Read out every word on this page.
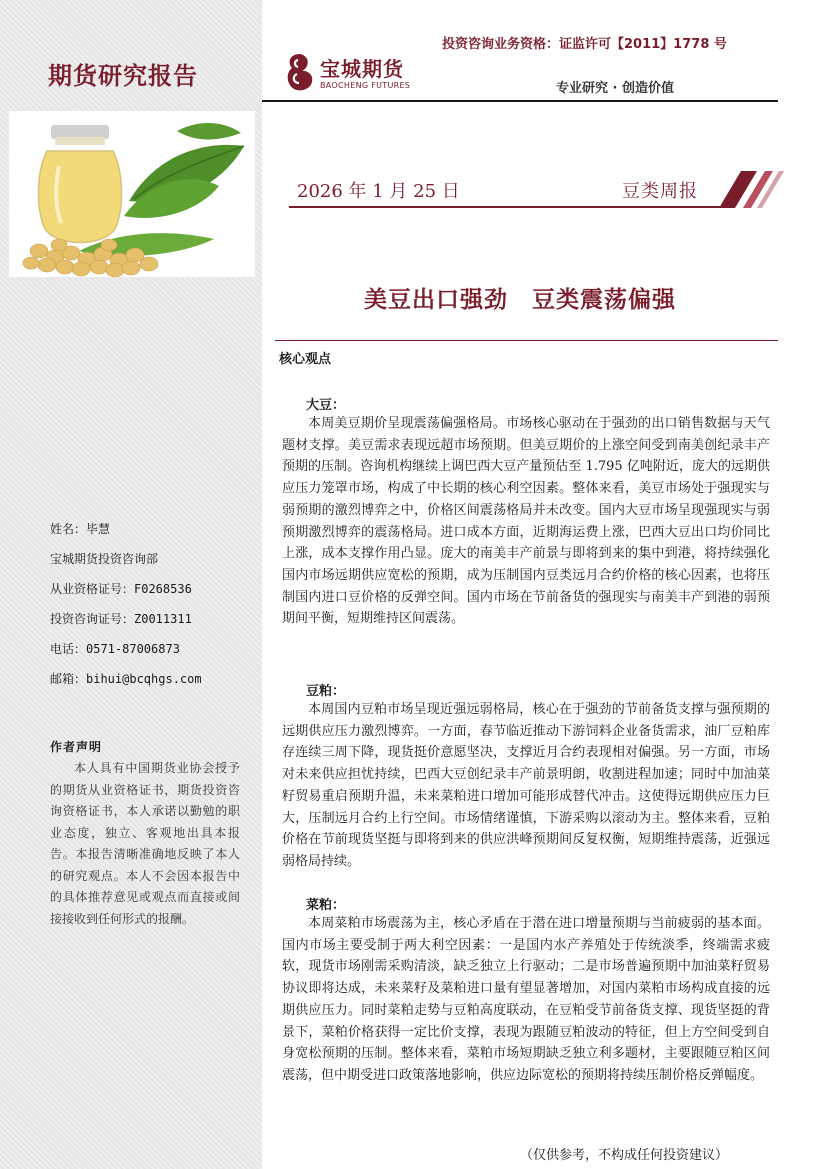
期货研究报告
投资咨询业务资格：证监许可【2011】1778 号
宝城期货
BAOCHENG FUTURES	专业研究 · 创造价值
2026 年 1 月 25 日	豆类周报
美豆出口强劲　豆类震荡偏强
核心观点
大豆：
本周美豆期价呈现震荡偏强格局。市场核心驱动在于强劲的出口销售数据与天气题材支撑。美豆需求表现远超市场预期。但美豆期价的上涨空间受到南美创纪录丰产预期的压制。咨询机构继续上调巴西大豆产量预估至 1.795 亿吨附近，庞大的远期供应压力笼罩市场，构成了中长期的核心利空因素。整体来看，美豆市场处于强现实与弱预期的激烈博弈之中，价格区间震荡格局并未改变。国内大豆市场呈现强现实与弱预期激烈博弈的震荡格局。进口成本方面，近期海运费上涨，巴西大豆出口均价同比上涨，成本支撑作用凸显。庞大的南美丰产前景与即将到来的集中到港，将持续强化国内市场远期供应宽松的预期，成为压制国内豆类远月合约价格的核心因素，也将压制国内进口豆价格的反弹空间。国内市场在节前备货的强现实与南美丰产到港的弱预期间平衡，短期维持区间震荡。
豆粕：
本周国内豆粕市场呈现近强远弱格局，核心在于强劲的节前备货支撑与强预期的远期供应压力激烈博弈。一方面，春节临近推动下游饲料企业备货需求，油厂豆粕库存连续三周下降，现货挺价意愿坚决，支撑近月合约表现相对偏强。另一方面，市场对未来供应担忧持续，巴西大豆创纪录丰产前景明朗，收割进程加速；同时中加油菜籽贸易重启预期升温，未来菜粕进口增加可能形成替代冲击。这使得远期供应压力巨大，压制远月合约上行空间。市场情绪谨慎，下游采购以滚动为主。整体来看，豆粕价格在节前现货坚挺与即将到来的供应洪峰预期间反复权衡，短期维持震荡，近强远弱格局持续。
菜粕：
本周菜粕市场震荡为主，核心矛盾在于潜在进口增量预期与当前疲弱的基本面。国内市场主要受制于两大利空因素：一是国内水产养殖处于传统淡季，终端需求疲软，现货市场刚需采购清淡，缺乏独立上行驱动；二是市场普遍预期中加油菜籽贸易协议即将达成，未来菜籽及菜粕进口量有望显著增加，对国内菜粕市场构成直接的远期供应压力。同时菜粕走势与豆粕高度联动，在豆粕受节前备货支撑、现货坚挺的背景下，菜粕价格获得一定比价支撑，表现为跟随豆粕波动的特征，但上方空间受到自身宽松预期的压制。整体来看，菜粕市场短期缺乏独立利多题材，主要跟随豆粕区间震荡，但中期受进口政策落地影响，供应边际宽松的预期将持续压制价格反弹幅度。
姓名：毕慧
宝城期货投资咨询部
从业资格证号：F0268536
投资咨询证号：Z0011311
电话：0571-87006873
邮箱：bihui@bcqhgs.com
作者声明
本人具有中国期货业协会授予的期货从业资格证书，期货投资咨询资格证书，本人承诺以勤勉的职业态度，独立、客观地出具本报告。本报告清晰准确地反映了本人的研究观点。本人不会因本报告中的具体推荐意见或观点而直接或间接接收到任何形式的报酬。
（仅供参考，不构成任何投资建议）
